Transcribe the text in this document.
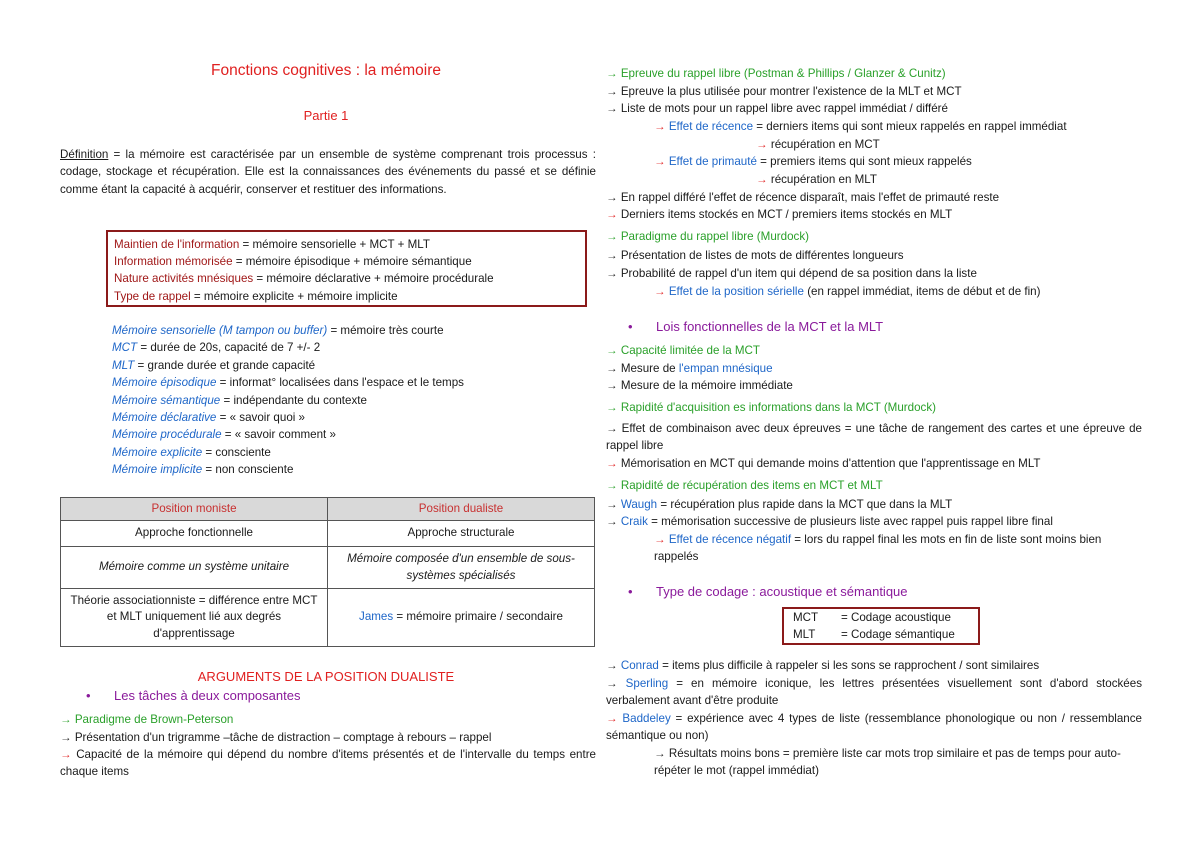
Fonctions cognitives : la mémoire
Partie 1
Définition = la mémoire est caractérisée par un ensemble de système comprenant trois processus : codage, stockage et récupération. Elle est la connaissances des événements du passé et se définie comme étant la capacité à acquérir, conserver et restituer des informations.
Maintien de l'information = mémoire sensorielle + MCT + MLT
Information mémorisée = mémoire épisodique + mémoire sémantique
Nature activités mnésiques = mémoire déclarative + mémoire procédurale
Type de rappel = mémoire explicite + mémoire implicite
Mémoire sensorielle (M tampon ou buffer) = mémoire très courte
MCT = durée de 20s, capacité de 7 +/- 2
MLT = grande durée et grande capacité
Mémoire épisodique = informat° localisées dans l'espace et le temps
Mémoire sémantique = indépendante du contexte
Mémoire déclarative = « savoir quoi »
Mémoire procédurale = « savoir comment »
Mémoire explicite = consciente
Mémoire implicite = non consciente
Position moniste	Position dualiste
Approche fonctionnelle	Approche structurale
Mémoire comme un système unitaire	Mémoire composée d'un ensemble de sous-systèmes spécialisés
Théorie associationniste = différence entre MCT et MLT uniquement lié aux degrés d'apprentissage	James = mémoire primaire / secondaire
ARGUMENTS DE LA POSITION DUALISTE
• Les tâches à deux composantes
→ Paradigme de Brown-Peterson
→ Présentation d'un trigramme –tâche de distraction – comptage à rebours – rappel
→ Capacité de la mémoire qui dépend du nombre d'items présentés et de l'intervalle du temps entre chaque items
→ Epreuve du rappel libre (Postman & Phillips / Glanzer & Cunitz)
→ Epreuve la plus utilisée pour montrer l'existence de la MLT et MCT
→ Liste de mots pour un rappel libre avec rappel immédiat / différé
→ Effet de récence = derniers items qui sont mieux rappelés en rappel immédiat
→ récupération en MCT
→ Effet de primauté = premiers items qui sont mieux rappelés
→ récupération en MLT
→ En rappel différé l'effet de récence disparaît, mais l'effet de primauté reste
→ Derniers items stockés en MCT / premiers items stockés en MLT
→ Paradigme du rappel libre (Murdock)
→ Présentation de listes de mots de différentes longueurs
→ Probabilité de rappel d'un item qui dépend de sa position dans la liste
→ Effet de la position sérielle (en rappel immédiat, items de début et de fin)
• Lois fonctionnelles de la MCT et la MLT
→ Capacité limitée de la MCT
→ Mesure de l'empan mnésique
→ Mesure de la mémoire immédiate
→ Rapidité d'acquisition es informations dans la MCT (Murdock)
→ Effet de combinaison avec deux épreuves = une tâche de rangement des cartes et une épreuve de rappel libre
→ Mémorisation en MCT qui demande moins d'attention que l'apprentissage en MLT
→ Rapidité de récupération des items en MCT et MLT
→ Waugh = récupération plus rapide dans la MCT que dans la MLT
→ Craik = mémorisation successive de plusieurs liste avec rappel puis rappel libre final
→ Effet de récence négatif = lors du rappel final les mots en fin de liste sont moins bien rappelés
• Type de codage : acoustique et sémantique
MCT = Codage acoustique
MLT = Codage sémantique
→ Conrad = items plus difficile à rappeler si les sons se rapprochent / sont similaires
→ Sperling = en mémoire iconique, les lettres présentées visuellement sont d'abord stockées verbalement avant d'être produite
→ Baddeley = expérience avec 4 types de liste (ressemblance phonologique ou non / ressemblance sémantique ou non)
→ Résultats moins bons = première liste car mots trop similaire et pas de temps pour auto-répéter le mot (rappel immédiat)
